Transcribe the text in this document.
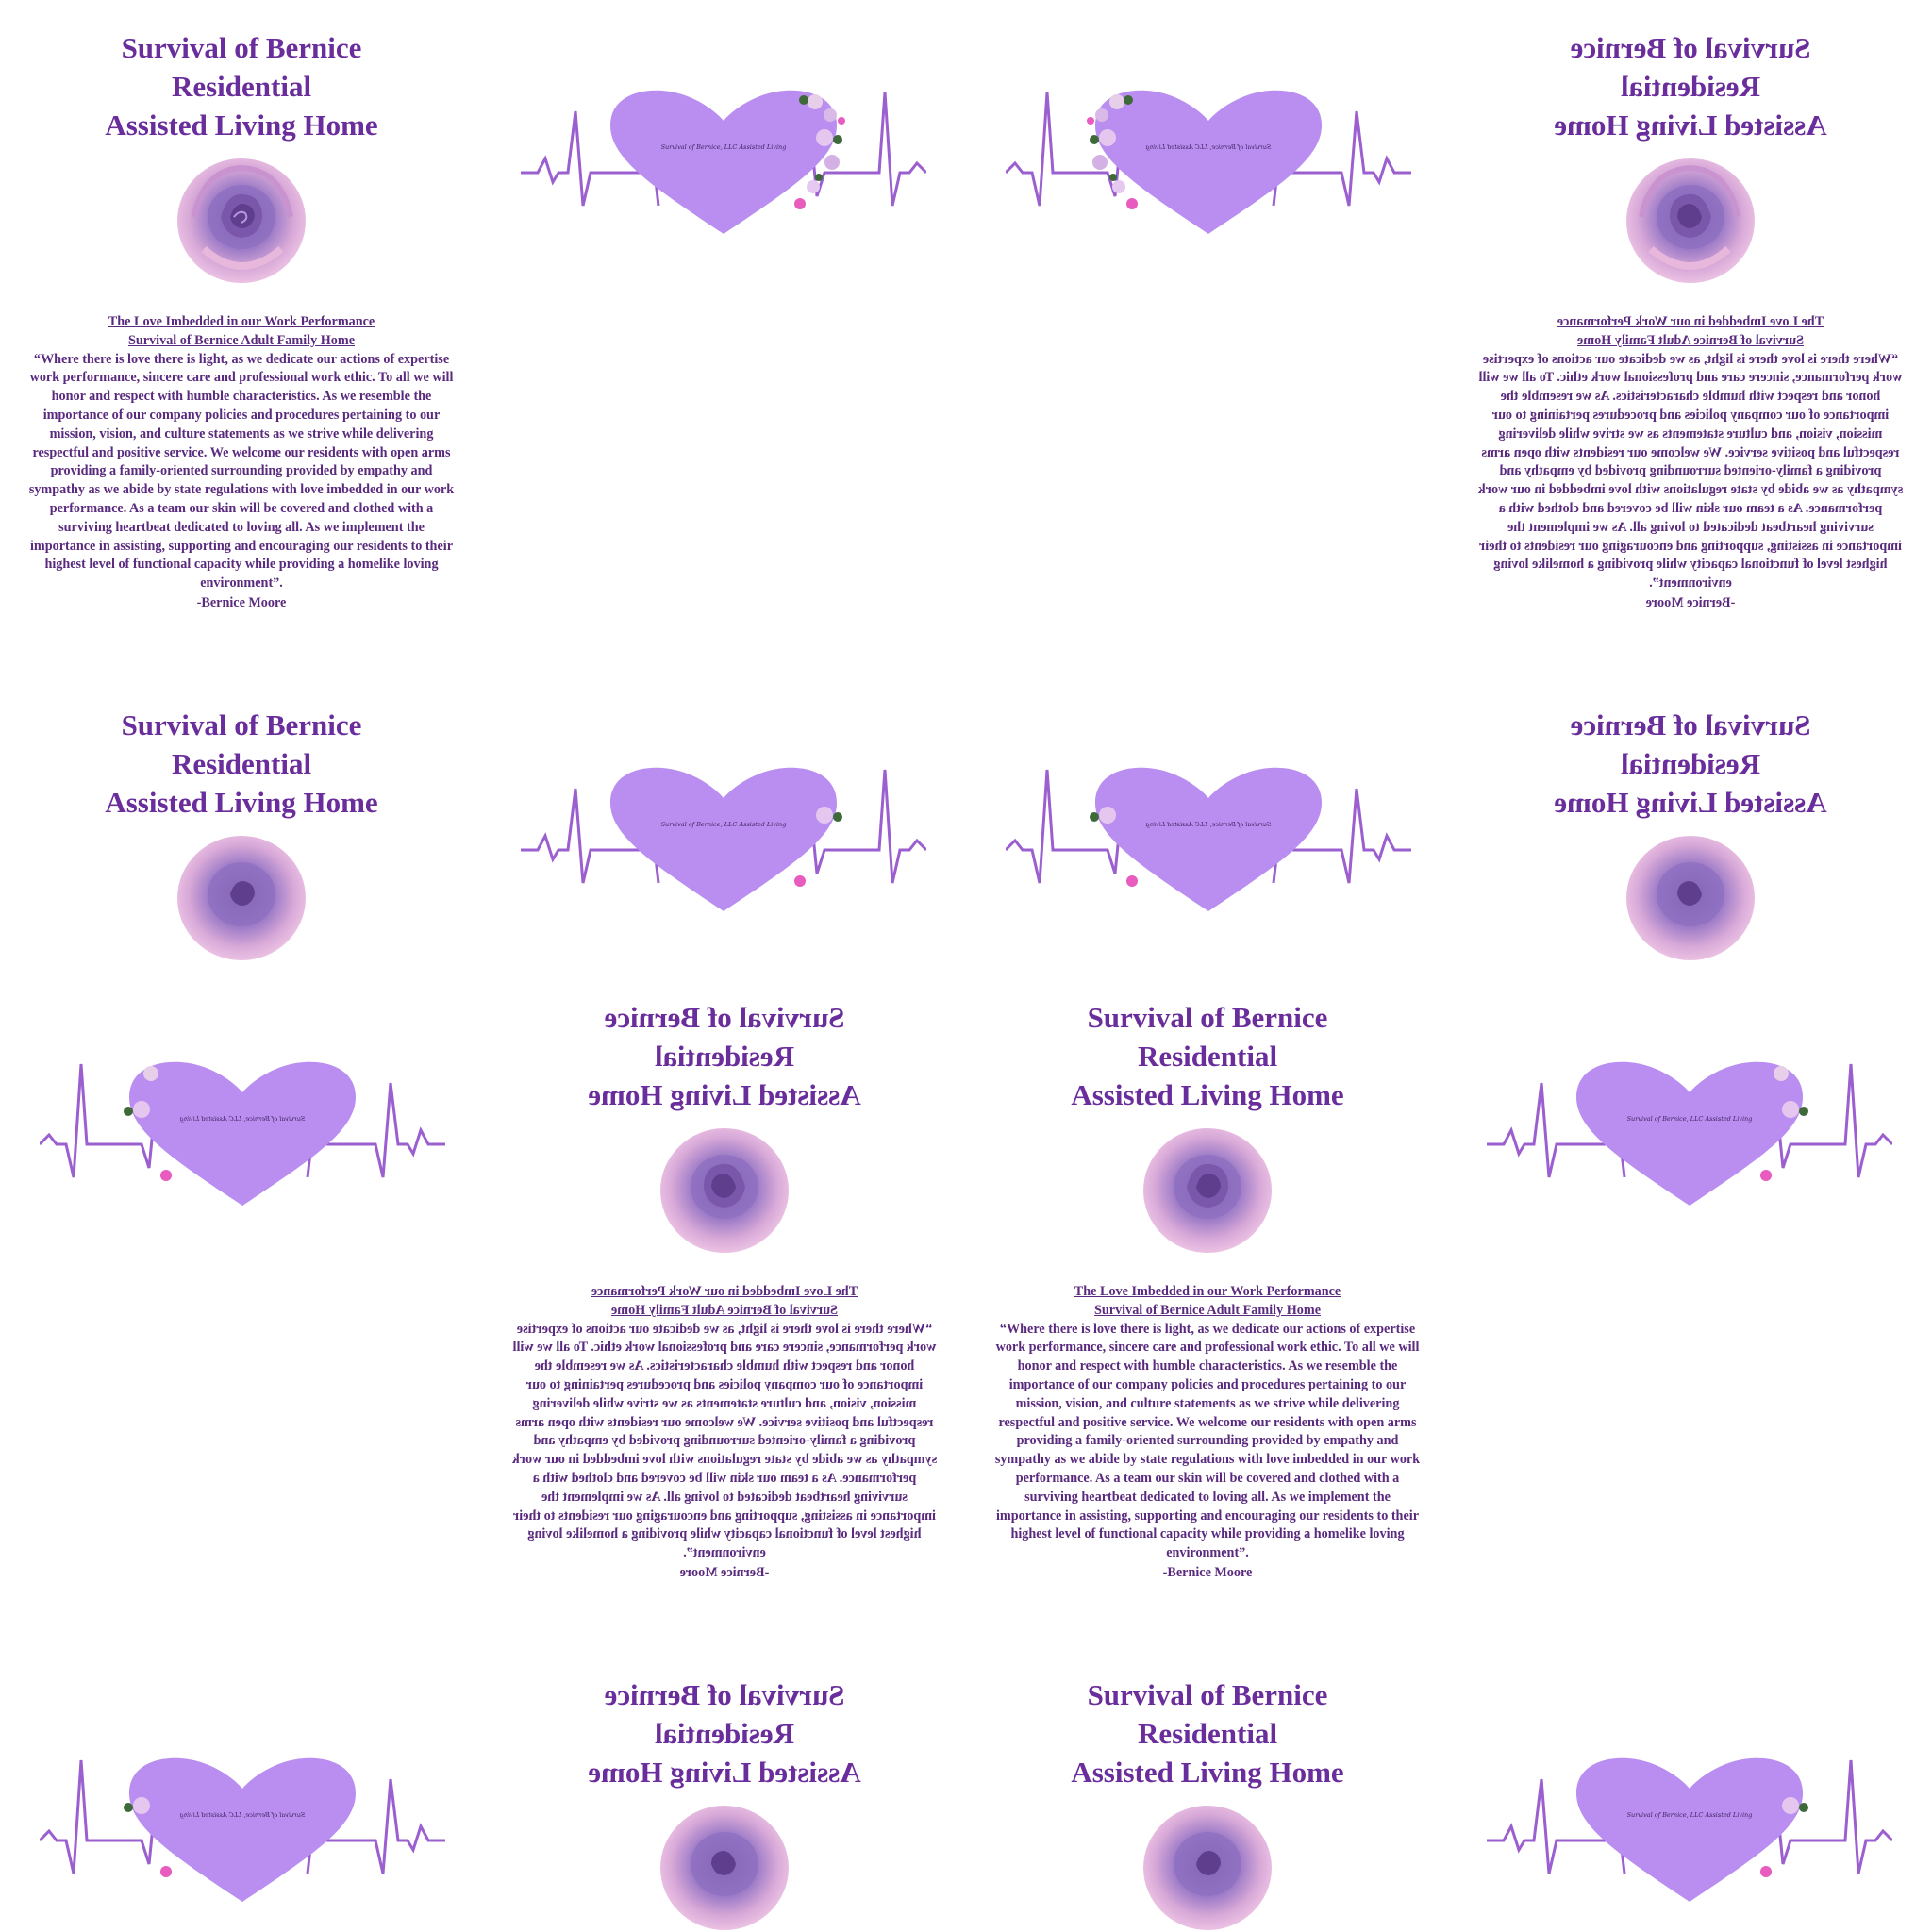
Survival of Bernice
Residential
Assisted Living Home
The Love Imbedded in our Work Performance
Survival of Bernice Adult Family Home
“Where there is love there is light, as we dedicate our actions of expertise work performance, sincere care and professional work ethic. To all we will honor and respect with humble characteristics. As we resemble the importance of our company policies and procedures pertaining to our mission, vision, and culture statements as we strive while delivering respectful and positive service. We welcome our residents with open arms providing a family-oriented surrounding provided by empathy and sympathy as we abide by state regulations with love imbedded in our work performance. As a team our skin will be covered and clothed with a surviving heartbeat dedicated to loving all. As we implement the importance in assisting, supporting and encouraging our residents to their highest level of functional capacity while providing a homelike loving environment”.
-Bernice Moore
Survival of Bernice, LLC Assisted Living	Survival of Bernice, LLC Assisted Living
Survival of Bernice
Residential
Assisted Living Home
The Love Imbedded in our Work Performance
Survival of Bernice Adult Family Home
“Where there is love there is light, as we dedicate our actions of expertise work performance, sincere care and professional work ethic. To all we will honor and respect with humble characteristics. As we resemble the importance of our company policies and procedures pertaining to our mission, vision, and culture statements as we strive while delivering respectful and positive service. We welcome our residents with open arms providing a family-oriented surrounding provided by empathy and sympathy as we abide by state regulations with love imbedded in our work performance. As a team our skin will be covered and clothed with a surviving heartbeat dedicated to loving all. As we implement the importance in assisting, supporting and encouraging our residents to their highest level of functional capacity while providing a homelike loving environment”.
-Bernice Moore
Survival of Bernice
Residential
Assisted Living Home
Survival of Bernice, LLC Assisted Living	Survival of Bernice, LLC Assisted Living
Survival of Bernice
Residential
Assisted Living Home
Survival of Bernice, LLC Assisted Living
Survival of Bernice
Residential
Assisted Living Home
The Love Imbedded in our Work Performance
Survival of Bernice Adult Family Home
“Where there is love there is light, as we dedicate our actions of expertise work performance, sincere care and professional work ethic. To all we will honor and respect with humble characteristics. As we resemble the importance of our company policies and procedures pertaining to our mission, vision, and culture statements as we strive while delivering respectful and positive service. We welcome our residents with open arms providing a family-oriented surrounding provided by empathy and sympathy as we abide by state regulations with love imbedded in our work performance. As a team our skin will be covered and clothed with a surviving heartbeat dedicated to loving all. As we implement the importance in assisting, supporting and encouraging our residents to their highest level of functional capacity while providing a homelike loving environment”.
-Bernice Moore
Survival of Bernice
Residential
Assisted Living Home
The Love Imbedded in our Work Performance
Survival of Bernice Adult Family Home
“Where there is love there is light, as we dedicate our actions of expertise work performance, sincere care and professional work ethic. To all we will honor and respect with humble characteristics. As we resemble the importance of our company policies and procedures pertaining to our mission, vision, and culture statements as we strive while delivering respectful and positive service. We welcome our residents with open arms providing a family-oriented surrounding provided by empathy and sympathy as we abide by state regulations with love imbedded in our work performance. As a team our skin will be covered and clothed with a surviving heartbeat dedicated to loving all. As we implement the importance in assisting, supporting and encouraging our residents to their highest level of functional capacity while providing a homelike loving environment”.
-Bernice Moore
Survival of Bernice, LLC Assisted Living
Survival of Bernice, LLC Assisted Living
Survival of Bernice
Residential
Assisted Living Home
Survival of Bernice
Residential
Assisted Living Home
Survival of Bernice, LLC Assisted Living
